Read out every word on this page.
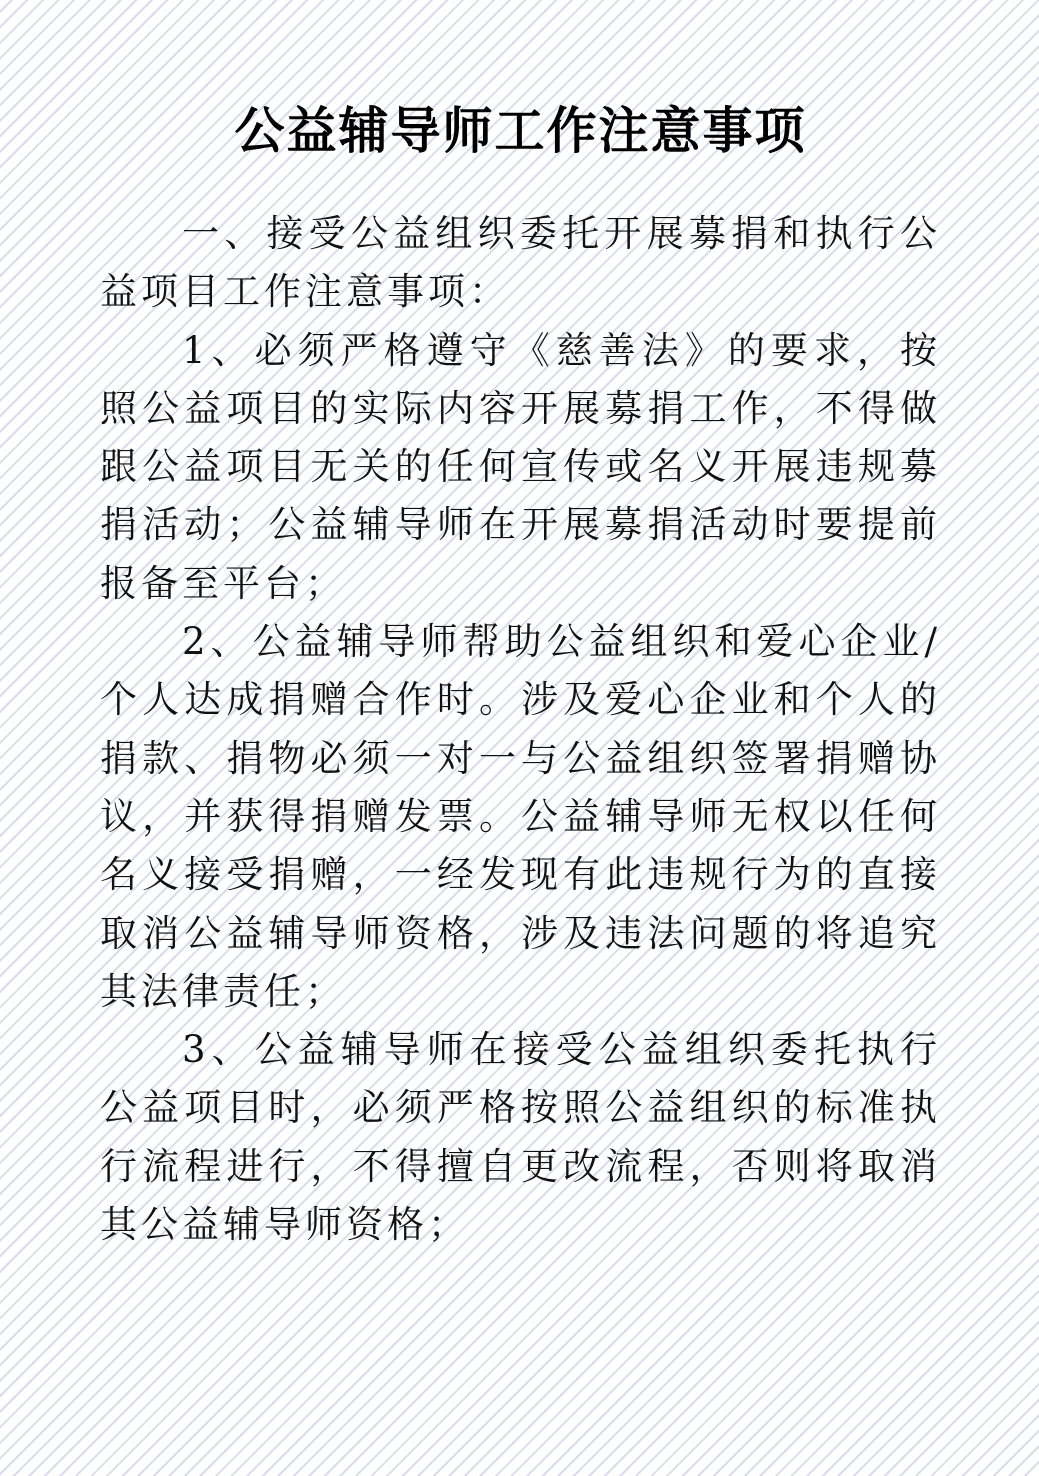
公益辅导师工作注意事项

一、接受公益组织委托开展募捐和执行公益项目工作注意事项：

1、必须严格遵守《慈善法》的要求，按照公益项目的实际内容开展募捐工作，不得做跟公益项目无关的任何宣传或名义开展违规募捐活动；公益辅导师在开展募捐活动时要提前报备至平台；

2、公益辅导师帮助公益组织和爱心企业/个人达成捐赠合作时。涉及爱心企业和个人的捐款、捐物必须一对一与公益组织签署捐赠协议，并获得捐赠发票。公益辅导师无权以任何名义接受捐赠，一经发现有此违规行为的直接取消公益辅导师资格，涉及违法问题的将追究其法律责任；

3、公益辅导师在接受公益组织委托执行公益项目时，必须严格按照公益组织的标准执行流程进行，不得擅自更改流程，否则将取消其公益辅导师资格；
